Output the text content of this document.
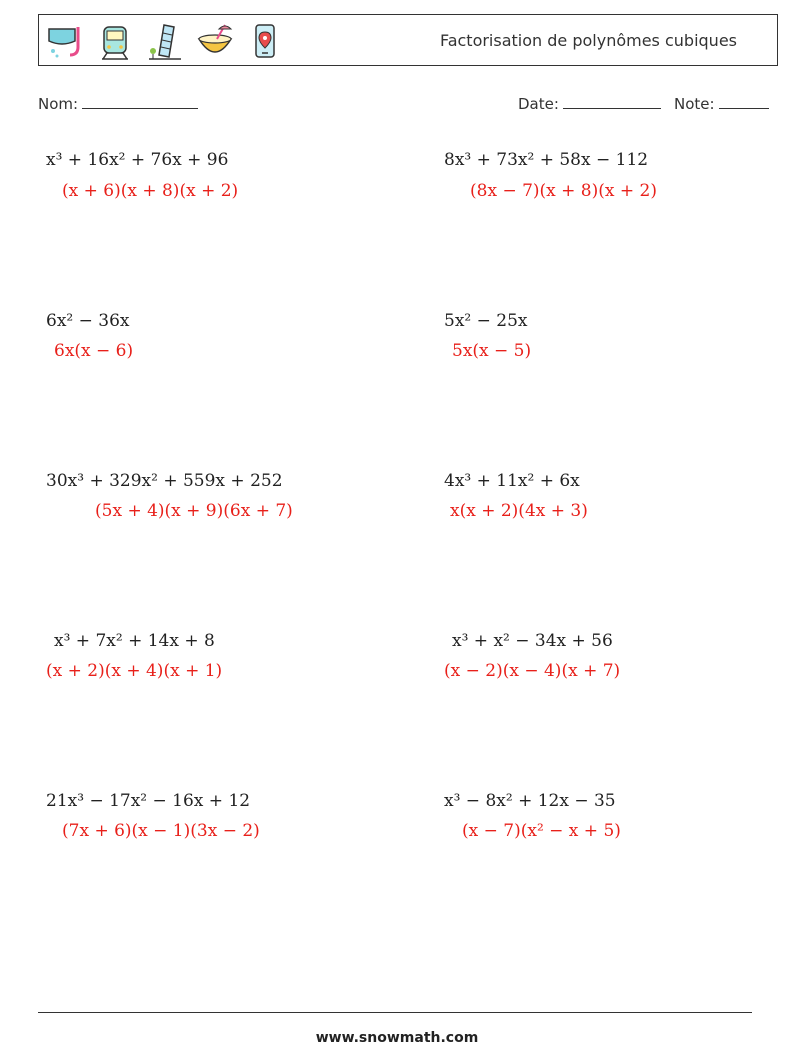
Factorisation de polynômes cubiques
Nom:	Date:	Note:
x³ + 16x² + 76x + 96
(x + 6)(x + 8)(x + 2)
8x³ + 73x² + 58x − 112
(8x − 7)(x + 8)(x + 2)
6x² − 36x
6x(x − 6)
5x² − 25x
5x(x − 5)
30x³ + 329x² + 559x + 252
(5x + 4)(x + 9)(6x + 7)
4x³ + 11x² + 6x
x(x + 2)(4x + 3)
x³ + 7x² + 14x + 8
(x + 2)(x + 4)(x + 1)
x³ + x² − 34x + 56
(x − 2)(x − 4)(x + 7)
21x³ − 17x² − 16x + 12
(7x + 6)(x − 1)(3x − 2)
x³ − 8x² + 12x − 35
(x − 7)(x² − x + 5)
www.snowmath.com
